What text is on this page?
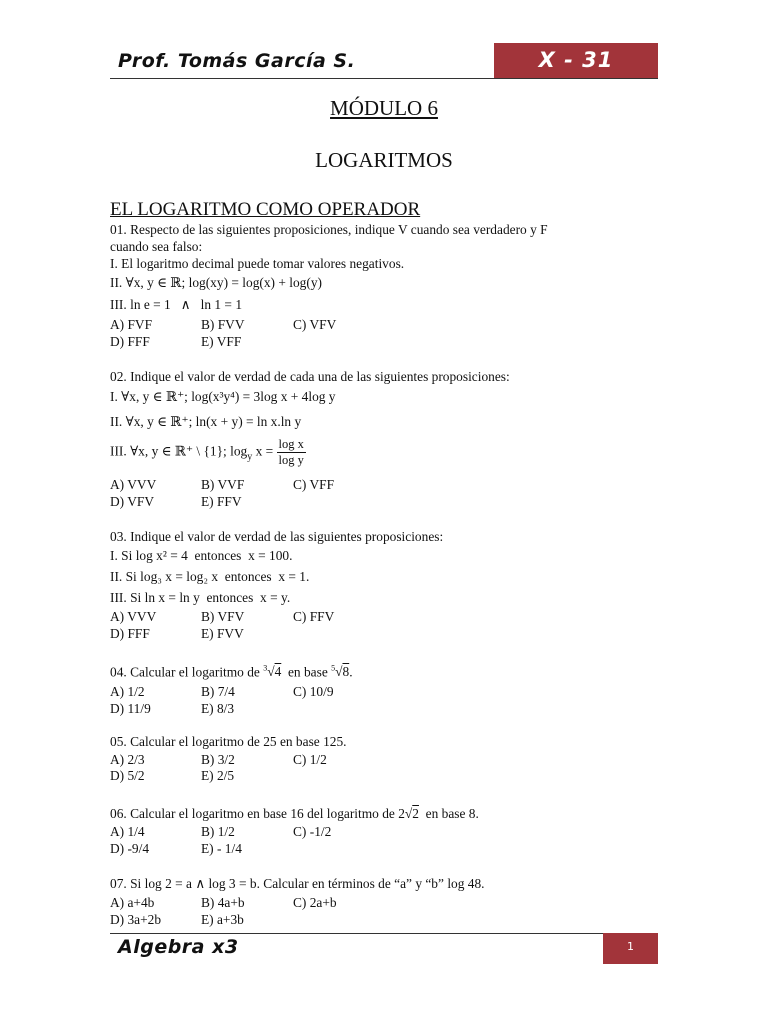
Prof. Tomás García S.	X - 31
MÓDULO 6
LOGARITMOS
EL LOGARITMO COMO OPERADOR
01. Respecto de las siguientes proposiciones, indique V cuando sea verdadero y F
cuando sea falso:
I. El logaritmo decimal puede tomar valores negativos.
II. ∀x, y ∈ ℝ; log(xy) = log(x) + log(y)
III. ln e = 1   ∧   ln 1 = 1
A) FVF	B) FVV	C) VFV
D) FFF	E) VFF
02. Indique el valor de verdad de cada una de las siguientes proposiciones:
I. ∀x, y ∈ ℝ⁺; log(x³y⁴) = 3log x + 4log y
II. ∀x, y ∈ ℝ⁺; ln(x + y) = ln x.ln y
III. ∀x, y ∈ ℝ⁺ \ {1}; $\log_y x = \frac{\text{log x}}{\text{log y}}$
A) VVV	B) VVF	C) VFF
D) VFV	E) FFV
03. Indique el valor de verdad de las siguientes proposiciones:
I. Si log x² = 4 entonces x = 100.
II. Si log₃ x = log₂ x entonces x = 1.
III. Si ln x = ln y entonces x = y.
A) VVV	B) VFV	C) FFV
D) FFF	E) FVV
04. Calcular el logaritmo de $^3$√4 en base $^5$√8.
A) 1/2	B) 7/4	C) 10/9
D) 11/9	E) 8/3
05. Calcular el logaritmo de 25 en base 125.
A) 2/3	B) 3/2	C) 1/2
D) 5/2	E) 2/5
06. Calcular el logaritmo en base 16 del logaritmo de 2√2 en base 8.
A) 1/4	B) 1/2	C) -1/2
D) -9/4	E) - 1/4
07. Si log 2 = a ∧ log 3 = b. Calcular en términos de “a” y “b” log 48.
A) a+4b	B) 4a+b	C) 2a+b
D) 3a+2b	E) a+3b
Algebra x3	1
